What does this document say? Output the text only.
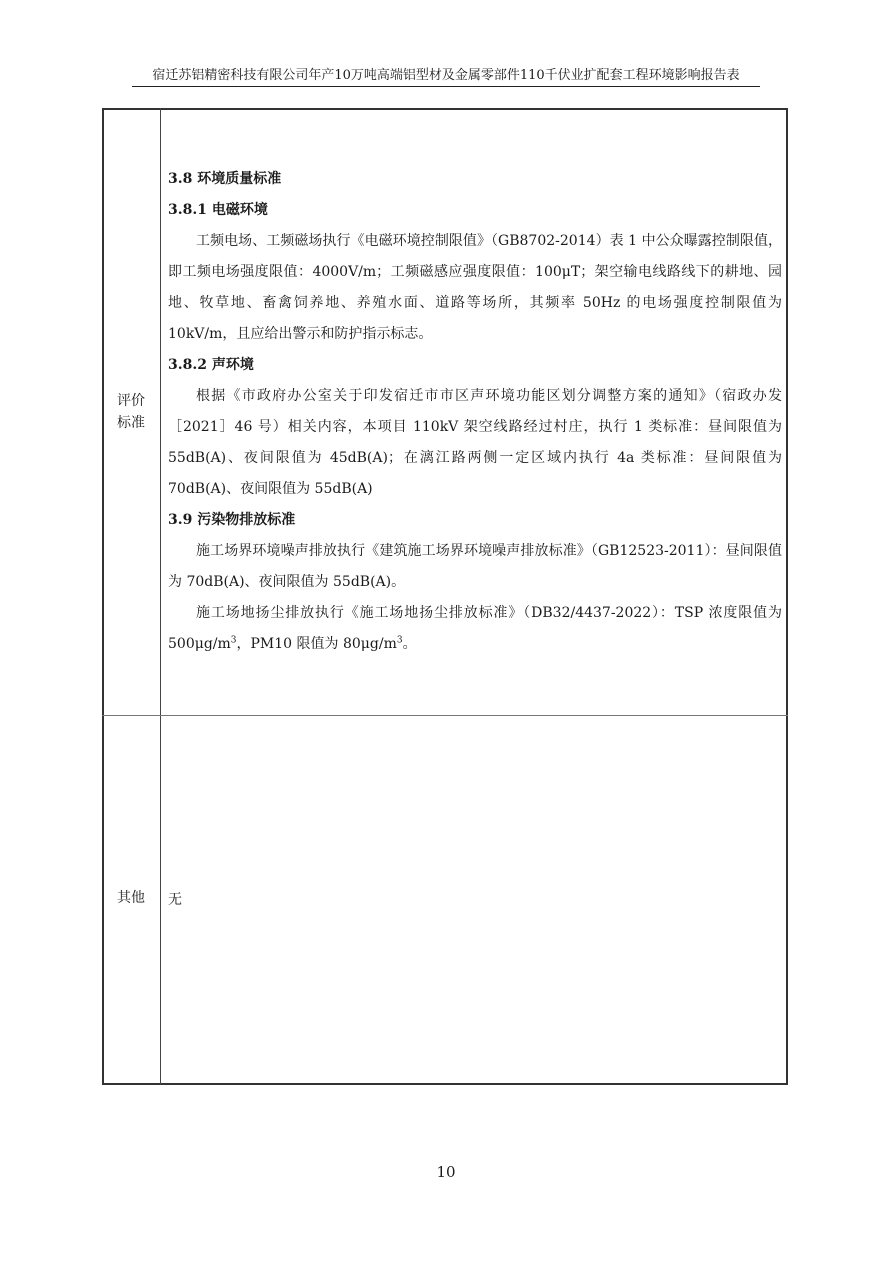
宿迁苏铝精密科技有限公司年产10万吨高端铝型材及金属零部件110千伏业扩配套工程环境影响报告表
评价
标准
3.8 环境质量标准
3.8.1 电磁环境

工频电场、工频磁场执行《电磁环境控制限值》（GB8702-2014）表 1 中公众曝露控制限值，即工频电场强度限值：4000V/m；工频磁感应强度限值：100μT；架空输电线路线下的耕地、园地、牧草地、畜禽饲养地、养殖水面、道路等场所，其频率 50Hz 的电场强度控制限值为 10kV/m，且应给出警示和防护指示标志。

3.8.2 声环境

根据《市政府办公室关于印发宿迁市市区声环境功能区划分调整方案的通知》（宿政办发［2021］46 号）相关内容，本项目 110kV 架空线路经过村庄，执行 1 类标准：昼间限值为 55dB(A)、夜间限值为 45dB(A)；在漓江路两侧一定区域内执行 4a 类标准：昼间限值为 70dB(A)、夜间限值为 55dB(A)

3.9 污染物排放标准

施工场界环境噪声排放执行《建筑施工场界环境噪声排放标准》（GB12523-2011）：昼间限值为 70dB(A)、夜间限值为 55dB(A)。

施工场地扬尘排放执行《施工场地扬尘排放标准》（DB32/4437-2022）：TSP 浓度限值为 $500\mu g/m^3$，PM10 限值为 $80\mu g/m^3$。

其他	无
10
